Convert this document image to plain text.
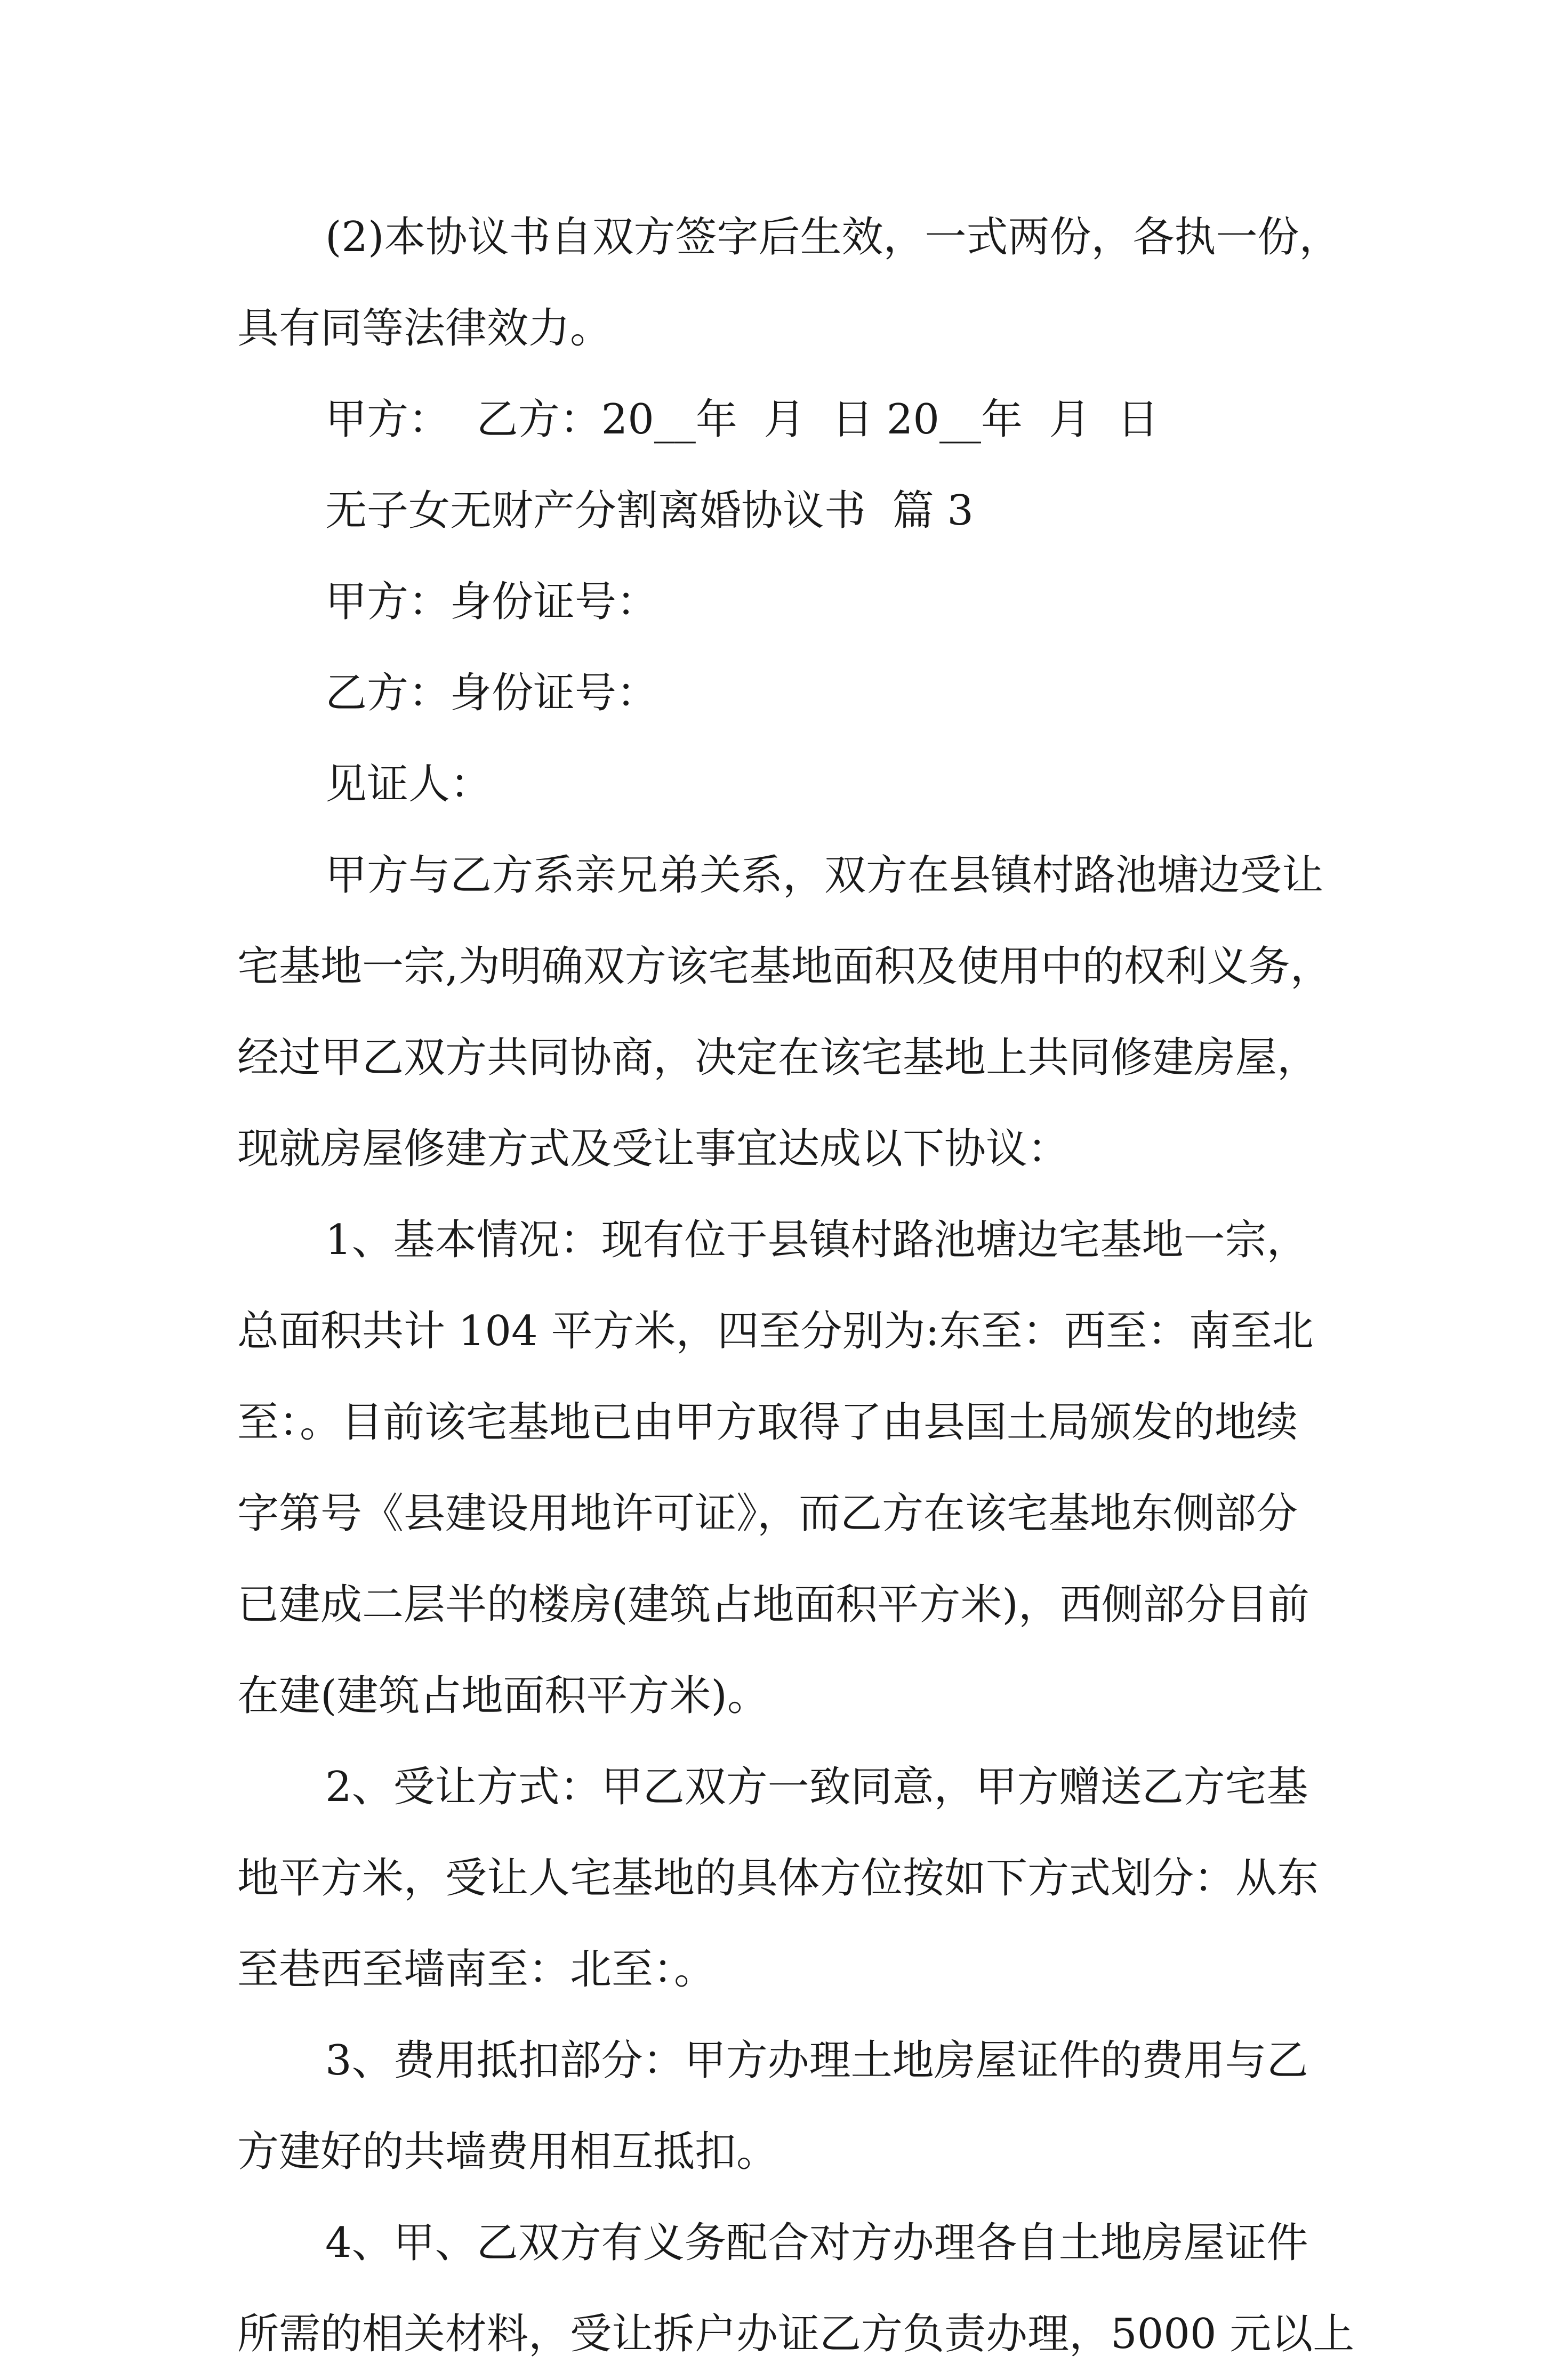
(2)本协议书自双方签字后生效，一式两份，各执一份，

具有同等法律效力。

甲方：  乙方：20__年  月  日 20__年  月  日

无子女无财产分割离婚协议书  篇 3

甲方：身份证号：

乙方：身份证号：

见证人：

甲方与乙方系亲兄弟关系，双方在县镇村路池塘边受让

宅基地一宗,为明确双方该宅基地面积及使用中的权利义务，

经过甲乙双方共同协商，决定在该宅基地上共同修建房屋，

现就房屋修建方式及受让事宜达成以下协议：

1、基本情况：现有位于县镇村路池塘边宅基地一宗，

总面积共计 104 平方米，四至分别为:东至：西至：南至北

至：。目前该宅基地已由甲方取得了由县国土局颁发的地续

字第号《县建设用地许可证》，而乙方在该宅基地东侧部分

已建成二层半的楼房(建筑占地面积平方米)，西侧部分目前

在建(建筑占地面积平方米)。

2、受让方式：甲乙双方一致同意，甲方赠送乙方宅基

地平方米，受让人宅基地的具体方位按如下方式划分：从东

至巷西至墙南至：北至：。

3、费用抵扣部分：甲方办理土地房屋证件的费用与乙

方建好的共墙费用相互抵扣。

4、甲、乙双方有义务配合对方办理各自土地房屋证件

所需的相关材料，受让拆户办证乙方负责办理，5000 元以上
